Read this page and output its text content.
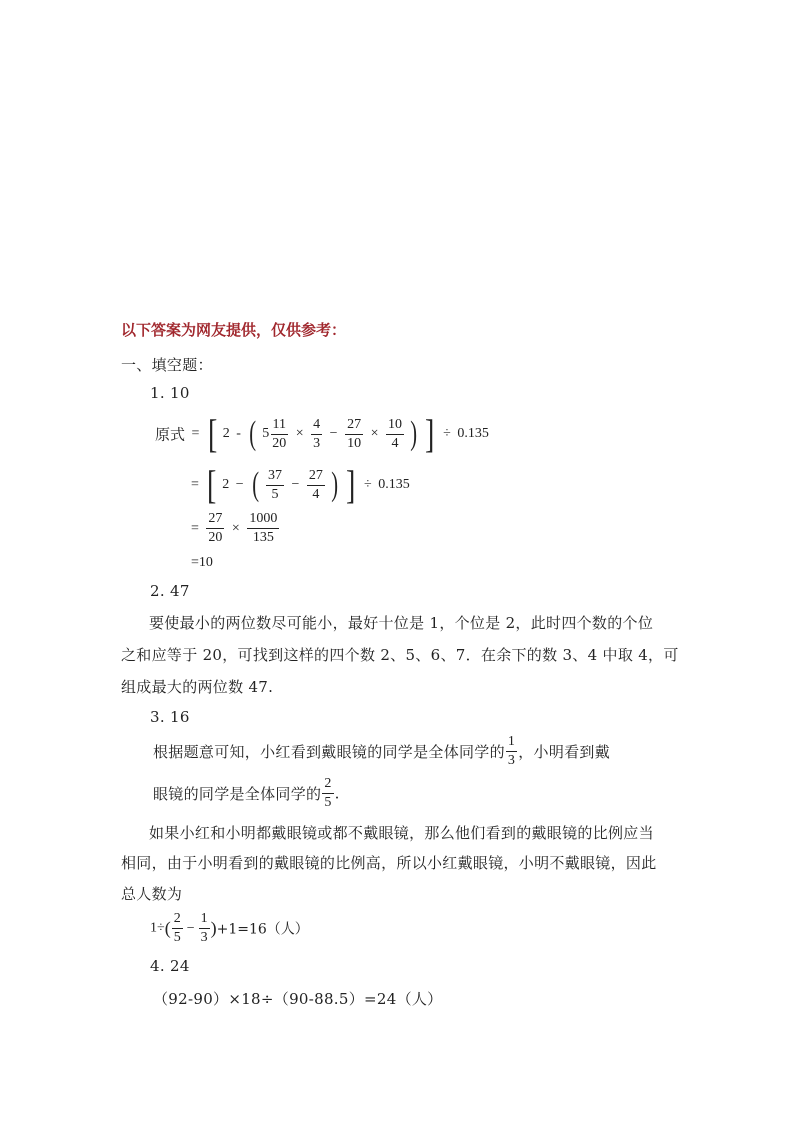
以下答案为网友提供，仅供参考：
一、填空题：
1. 10
原式 = [ 2 - ( $5 \frac{11}{20} \times \frac{4}{3} - \frac{27}{10} \times \frac{10}{4}$ ) ] ÷ 0.135
= [ 2 − ( $\frac{37}{5} - \frac{27}{4}$ ) ] ÷ 0.135
= $\frac{27}{20} \times \frac{1000}{135}$
=10
2. 47
要使最小的两位数尽可能小，最好十位是 1，个位是 2，此时四个数的个位
之和应等于 20，可找到这样的四个数 2、5、6、7．在余下的数 3、4 中取 4，可
组成最大的两位数 47.
3. 16
根据题意可知，小红看到戴眼镜的同学是全体同学的 $\frac{1}{3}$ ，小明看到戴
眼镜的同学是全体同学的 $\frac{2}{5}$ .
如果小红和小明都戴眼镜或都不戴眼镜，那么他们看到的戴眼镜的比例应当
相同，由于小明看到的戴眼镜的比例高，所以小红戴眼镜，小明不戴眼镜，因此
总人数为
$1\div( \frac{2}{5} - \frac{1}{3} )+1=16$（人）
4. 24
（92-90）×18÷（90-88.5）=24（人）
